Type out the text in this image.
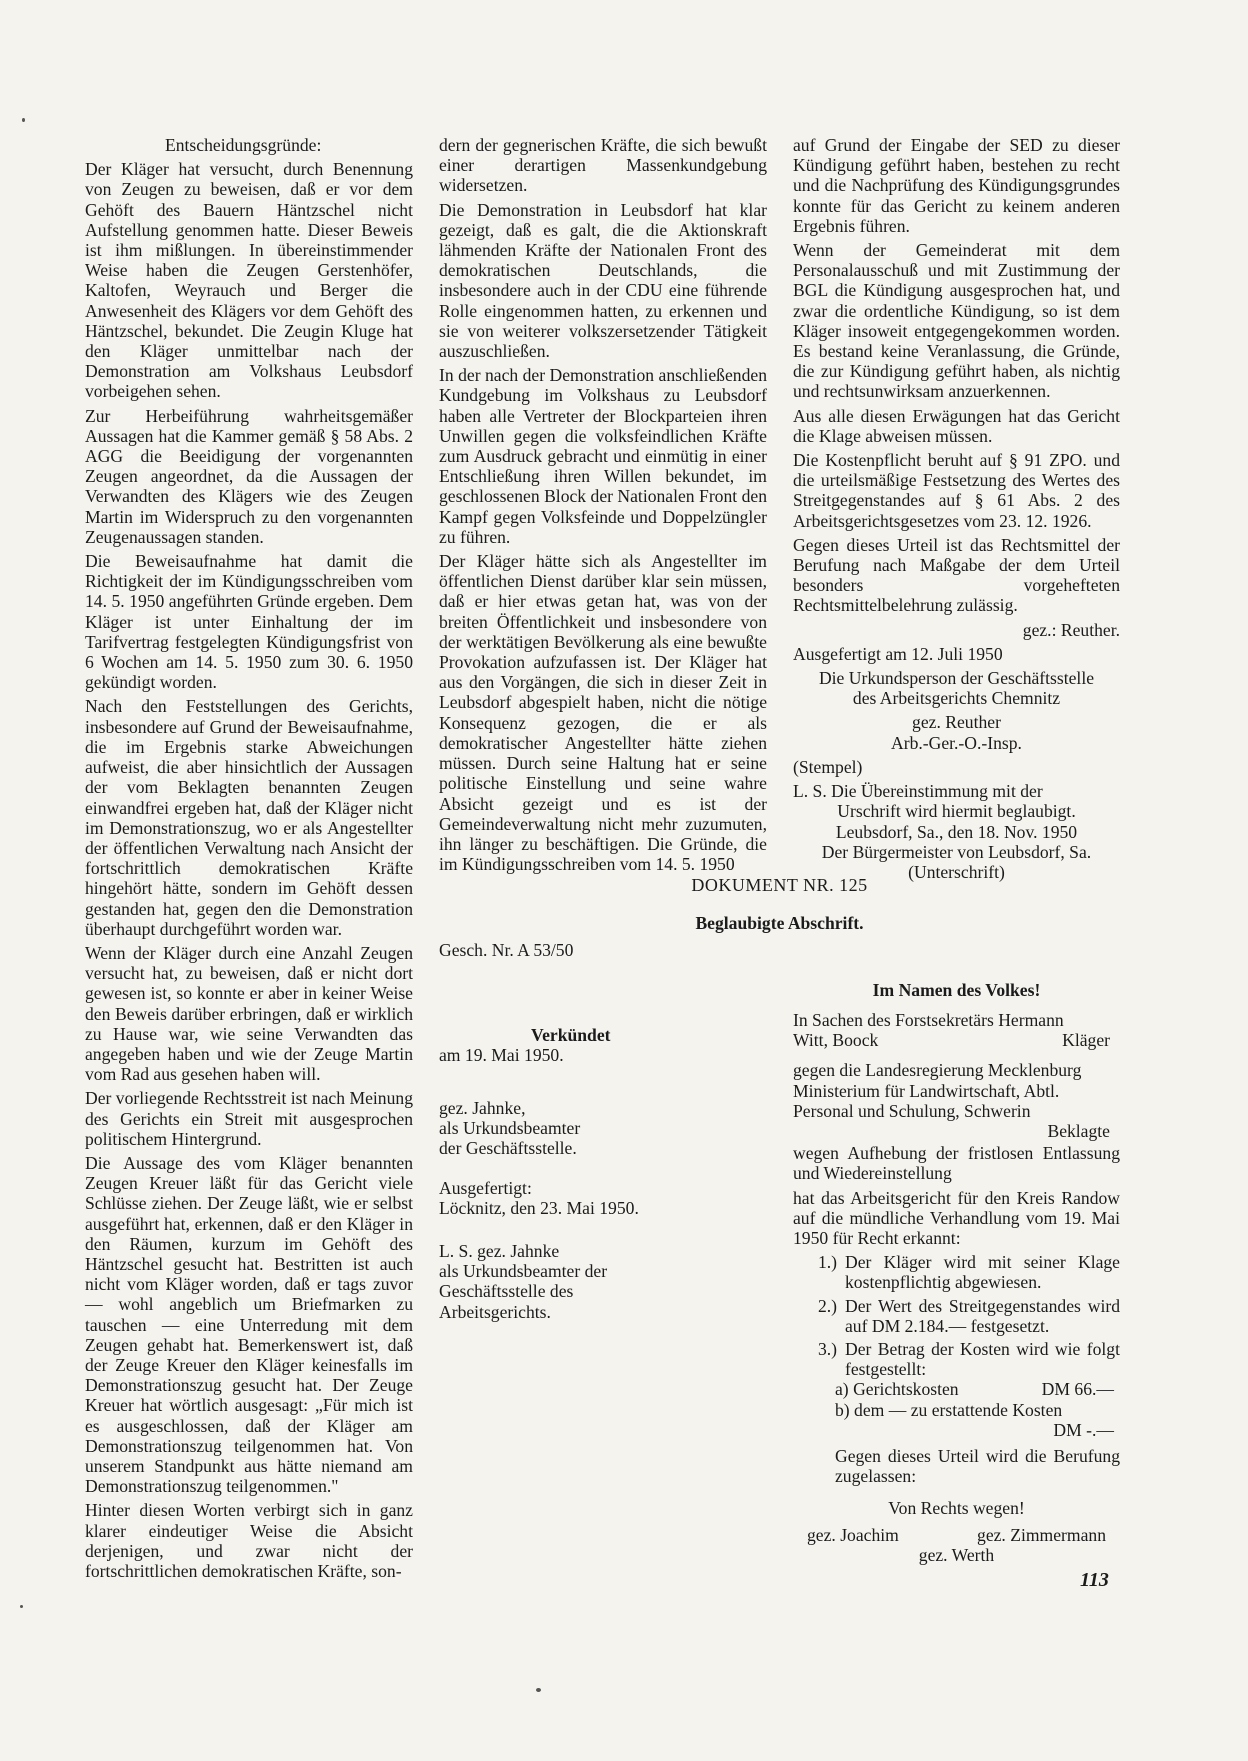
Entscheidungsgründe:

Der Kläger hat versucht, durch Benennung von Zeugen zu beweisen, daß er vor dem Gehöft des Bauern Häntzschel nicht Aufstellung genommen hatte. Dieser Beweis ist ihm mißlungen. In übereinstimmender Weise haben die Zeugen Gerstenhöfer, Kaltofen, Weyrauch und Berger die Anwesenheit des Klägers vor dem Gehöft des Häntzschel, bekundet. Die Zeugin Kluge hat den Kläger unmittelbar nach der Demonstration am Volkshaus Leubsdorf vorbeigehen sehen.

Zur Herbeiführung wahrheitsgemäßer Aussagen hat die Kammer gemäß § 58 Abs. 2 AGG die Beeidigung der vorgenannten Zeugen angeordnet, da die Aussagen der Verwandten des Klägers wie des Zeugen Martin im Widerspruch zu den vorgenannten Zeugenaussagen standen.

Die Beweisaufnahme hat damit die Richtigkeit der im Kündigungsschreiben vom 14. 5. 1950 angeführten Gründe ergeben. Dem Kläger ist unter Einhaltung der im Tarifvertrag festgelegten Kündigungsfrist von 6 Wochen am 14. 5. 1950 zum 30. 6. 1950 gekündigt worden.

Nach den Feststellungen des Gerichts, insbesondere auf Grund der Beweisaufnahme, die im Ergebnis starke Abweichungen aufweist, die aber hinsichtlich der Aussagen der vom Beklagten benannten Zeugen einwandfrei ergeben hat, daß der Kläger nicht im Demonstrationszug, wo er als Angestellter der öffentlichen Verwaltung nach Ansicht der fortschrittlich demokratischen Kräfte hingehört hätte, sondern im Gehöft dessen gestanden hat, gegen den die Demonstration überhaupt durchgeführt worden war.

Wenn der Kläger durch eine Anzahl Zeugen versucht hat, zu beweisen, daß er nicht dort gewesen ist, so konnte er aber in keiner Weise den Beweis darüber erbringen, daß er wirklich zu Hause war, wie seine Verwandten das angegeben haben und wie der Zeuge Martin vom Rad aus gesehen haben will.

Der vorliegende Rechtsstreit ist nach Meinung des Gerichts ein Streit mit ausgesprochen politischem Hintergrund.

Die Aussage des vom Kläger benannten Zeugen Kreuer läßt für das Gericht viele Schlüsse ziehen. Der Zeuge läßt, wie er selbst ausgeführt hat, erkennen, daß er den Kläger in den Räumen, kurzum im Gehöft des Häntzschel gesucht hat. Bestritten ist auch nicht vom Kläger worden, daß er tags zuvor — wohl angeblich um Briefmarken zu tauschen — eine Unterredung mit dem Zeugen gehabt hat. Bemerkenswert ist, daß der Zeuge Kreuer den Kläger keinesfalls im Demonstrationszug gesucht hat. Der Zeuge Kreuer hat wörtlich ausgesagt: „Für mich ist es ausgeschlossen, daß der Kläger am Demonstrationszug teilgenommen hat. Von unserem Standpunkt aus hätte niemand am Demonstrationszug teilgenommen."

Hinter diesen Worten verbirgt sich in ganz klarer eindeutiger Weise die Absicht derjenigen, und zwar nicht der fortschrittlichen demokratischen Kräfte, son-

dern der gegnerischen Kräfte, die sich bewußt einer derartigen Massenkundgebung widersetzen.

Die Demonstration in Leubsdorf hat klar gezeigt, daß es galt, die die Aktionskraft lähmenden Kräfte der Nationalen Front des demokratischen Deutschlands, die insbesondere auch in der CDU eine führende Rolle eingenommen hatten, zu erkennen und sie von weiterer volkszersetzender Tätigkeit auszuschließen.

In der nach der Demonstration anschließenden Kundgebung im Volkshaus zu Leubsdorf haben alle Vertreter der Blockparteien ihren Unwillen gegen die volksfeindlichen Kräfte zum Ausdruck gebracht und einmütig in einer Entschließung ihren Willen bekundet, im geschlossenen Block der Nationalen Front den Kampf gegen Volksfeinde und Doppelzüngler zu führen.

Der Kläger hätte sich als Angestellter im öffentlichen Dienst darüber klar sein müssen, daß er hier etwas getan hat, was von der breiten Öffentlichkeit und insbesondere von der werktätigen Bevölkerung als eine bewußte Provokation aufzufassen ist. Der Kläger hat aus den Vorgängen, die sich in dieser Zeit in Leubsdorf abgespielt haben, nicht die nötige Konsequenz gezogen, die er als demokratischer Angestellter hätte ziehen müssen. Durch seine Haltung hat er seine politische Einstellung und seine wahre Absicht gezeigt und es ist der Gemeindeverwaltung nicht mehr zuzumuten, ihn länger zu beschäftigen. Die Gründe, die im Kündigungsschreiben vom 14. 5. 1950

auf Grund der Eingabe der SED zu dieser Kündigung geführt haben, bestehen zu recht und die Nachprüfung des Kündigungsgrundes konnte für das Gericht zu keinem anderen Ergebnis führen.

Wenn der Gemeinderat mit dem Personalausschuß und mit Zustimmung der BGL die Kündigung ausgesprochen hat, und zwar die ordentliche Kündigung, so ist dem Kläger insoweit entgegengekommen worden. Es bestand keine Veranlassung, die Gründe, die zur Kündigung geführt haben, als nichtig und rechtsunwirksam anzuerkennen.

Aus alle diesen Erwägungen hat das Gericht die Klage abweisen müssen.

Die Kostenpflicht beruht auf § 91 ZPO. und die urteilsmäßige Festsetzung des Wertes des Streitgegenstandes auf § 61 Abs. 2 des Arbeitsgerichtsgesetzes vom 23. 12. 1926.

Gegen dieses Urteil ist das Rechtsmittel der Berufung nach Maßgabe der dem Urteil besonders vorgehefteten Rechtsmittelbelehrung zulässig.

gez.: Reuther.

Ausgefertigt am 12. Juli 1950

Die Urkundsperson der Geschäftsstelle

des Arbeitsgerichts Chemnitz

gez. Reuther

Arb.-Ger.-O.-Insp.

(Stempel)

L. S. Die Übereinstimmung mit der

Urschrift wird hiermit beglaubigt.

Leubsdorf, Sa., den 18. Nov. 1950

Der Bürgermeister von Leubsdorf, Sa.

(Unterschrift)

DOKUMENT NR. 125
Beglaubigte Abschrift.
Gesch. Nr. A 53/50
Verkündet
am 19. Mai 1950.
gez. Jahnke,
als Urkundsbeamter
der Geschäftsstelle.
Ausgefertigt:
Löcknitz, den 23. Mai 1950.
L. S. gez. Jahnke
als Urkundsbeamter der
Geschäftsstelle des
Arbeitsgerichts.
Im Namen des Volkes!
In Sachen des Forstsekretärs Hermann
Witt, Boock	Kläger
gegen die Landesregierung Mecklenburg
Ministerium für Landwirtschaft, Abtl.
Personal und Schulung, Schwerin
Beklagte
wegen Aufhebung der fristlosen Entlassung und Wiedereinstellung
hat das Arbeitsgericht für den Kreis Randow auf die mündliche Verhandlung vom 19. Mai 1950 für Recht erkannt:
1.) Der Kläger wird mit seiner Klage kostenpflichtig abgewiesen.
2.) Der Wert des Streitgegenstandes wird auf DM 2.184.— festgesetzt.
3.) Der Betrag der Kosten wird wie folgt festgestellt:
a) Gerichtskosten	DM 66.—
b) dem — zu erstattende Kosten
DM -.—
Gegen dieses Urteil wird die Berufung zugelassen:
Von Rechts wegen!
gez. Joachim	gez. Zimmermann
gez. Werth
113
